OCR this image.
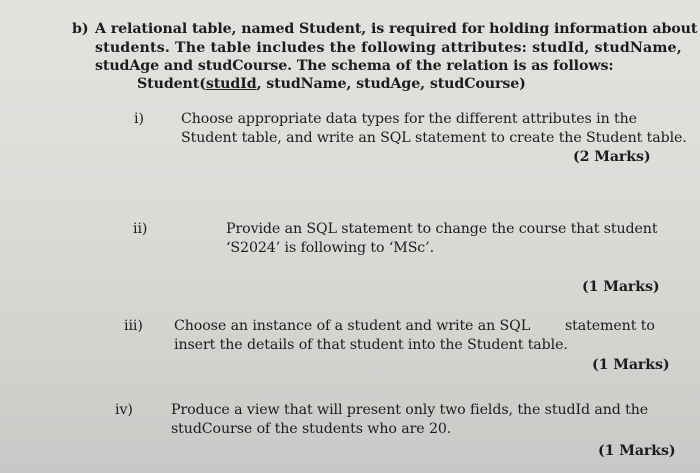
b) A relational table, named Student, is required for holding information about
students. The table includes the following attributes: studId, studName,
studAge and studCourse. The schema of the relation is as follows:
Student(studId, studName, studAge, studCourse)
i)	Choose appropriate data types for the different attributes in the
Student table, and write an SQL statement to create the Student table.
(2 Marks)
ii)	Provide an SQL statement to change the course that student
‘S2024’ is following to ‘MSc’.
(1 Marks)
iii) Choose an instance of a student and write an SQL statement to
insert the details of that student into the Student table.
(1 Marks)
iv)	Produce a view that will present only two fields, the studId and the
studCourse of the students who are 20.
(1 Marks)
